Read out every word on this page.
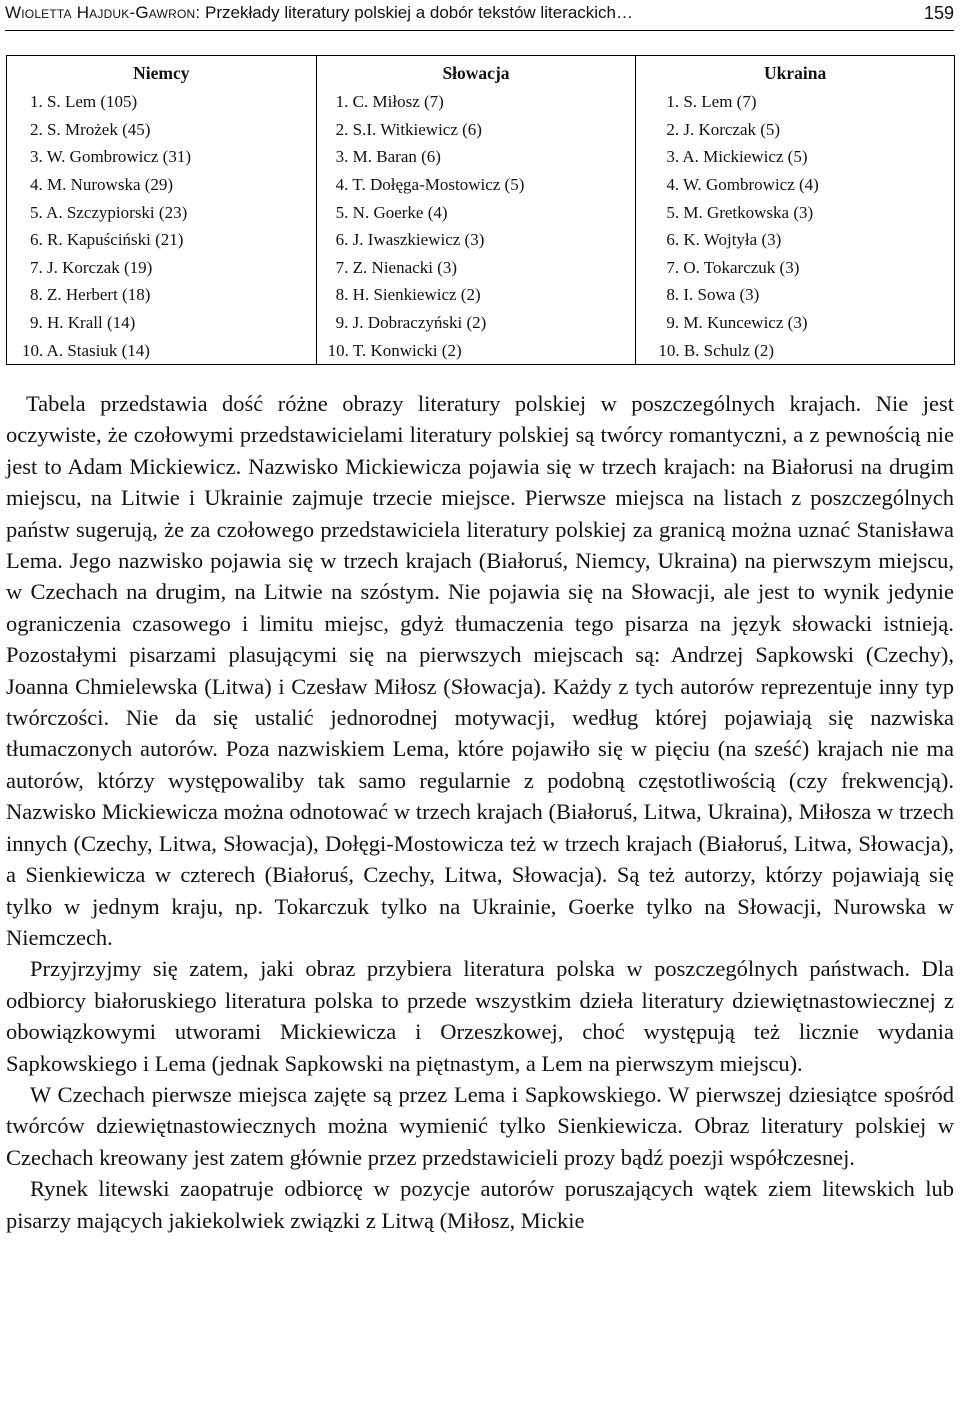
Wioletta Hajduk-Gawron: Przekłady literatury polskiej a dobór tekstów literackich…	159
Niemcy	Słowacja	Ukraina
1. S. Lem (105)	1. C. Miłosz (7)	1. S. Lem (7)
2. S. Mrożek (45)	2. S.I. Witkiewicz (6)	2. J. Korczak (5)
3. W. Gombrowicz (31)	3. M. Baran (6)	3. A. Mickiewicz (5)
4. M. Nurowska (29)	4. T. Dołęga-Mostowicz (5)	4. W. Gombrowicz (4)
5. A. Szczypiorski (23)	5. N. Goerke (4)	5. M. Gretkowska (3)
6. R. Kapuściński (21)	6. J. Iwaszkiewicz (3)	6. K. Wojtyła (3)
7. J. Korczak (19)	7. Z. Nienacki (3)	7. O. Tokarczuk (3)
8. Z. Herbert (18)	8. H. Sienkiewicz (2)	8. I. Sowa (3)
9. H. Krall (14)	9. J. Dobraczyński (2)	9. M. Kuncewicz (3)
10. A. Stasiuk (14)	10. T. Konwicki (2)	10. B. Schulz (2)

Tabela przedstawia dość różne obrazy literatury polskiej w poszczególnych krajach. Nie jest oczywiste, że czołowymi przedstawicielami literatury polskiej są twórcy romantyczni, a z pewnością nie jest to Adam Mickiewicz. Nazwisko Mickiewicza pojawia się w trzech krajach: na Białorusi na drugim miejscu, na Litwie i Ukrainie zajmuje trzecie miejsce. Pierwsze miejsca na listach z poszczególnych państw sugerują, że za czołowego przedstawiciela literatury polskiej za granicą można uznać Stanisława Lema. Jego nazwisko pojawia się w trzech krajach (Białoruś, Niemcy, Ukraina) na pierwszym miejscu, w Czechach na drugim, na Litwie na szóstym. Nie pojawia się na Słowacji, ale jest to wynik jedynie ograniczenia czasowego i limitu miejsc, gdyż tłumaczenia tego pisarza na język słowacki istnieją. Pozostałymi pisarzami plasującymi się na pierwszych miejscach są: Andrzej Sapkowski (Czechy), Joanna Chmielewska (Litwa) i Czesław Miłosz (Słowacja). Każdy z tych autorów reprezentuje inny typ twórczości. Nie da się ustalić jednorodnej motywacji, według której pojawiają się nazwiska tłumaczonych autorów. Poza nazwiskiem Lema, które pojawiło się w pięciu (na sześć) krajach nie ma autorów, którzy występowaliby tak samo regularnie z podobną częstotliwością (czy frekwencją). Nazwisko Mickiewicza można odnotować w trzech krajach (Białoruś, Litwa, Ukraina), Miłosza w trzech innych (Czechy, Litwa, Słowacja), Dołęgi-Mostowicza też w trzech krajach (Białoruś, Litwa, Słowacja), a Sienkiewicza w czterech (Białoruś, Czechy, Litwa, Słowacja). Są też autorzy, którzy pojawiają się tylko w jednym kraju, np. Tokarczuk tylko na Ukrainie, Goerke tylko na Słowacji, Nurowska w Niemczech.

Przyjrzyjmy się zatem, jaki obraz przybiera literatura polska w poszczególnych państwach. Dla odbiorcy białoruskiego literatura polska to przede wszystkim dzieła literatury dziewiętnastowiecznej z obowiązkowymi utworami Mickiewicza i Orzeszkowej, choć występują też licznie wydania Sapkowskiego i Lema (jednak Sapkowski na piętnastym, a Lem na pierwszym miejscu).

W Czechach pierwsze miejsca zajęte są przez Lema i Sapkowskiego. W pierwszej dziesiątce spośród twórców dziewiętnastowiecznych można wymienić tylko Sienkiewicza. Obraz literatury polskiej w Czechach kreowany jest zatem głównie przez przedstawicieli prozy bądź poezji współczesnej.

Rynek litewski zaopatruje odbiorcę w pozycje autorów poruszających wątek ziem litewskich lub pisarzy mających jakiekolwiek związki z Litwą (Miłosz, Mickie
